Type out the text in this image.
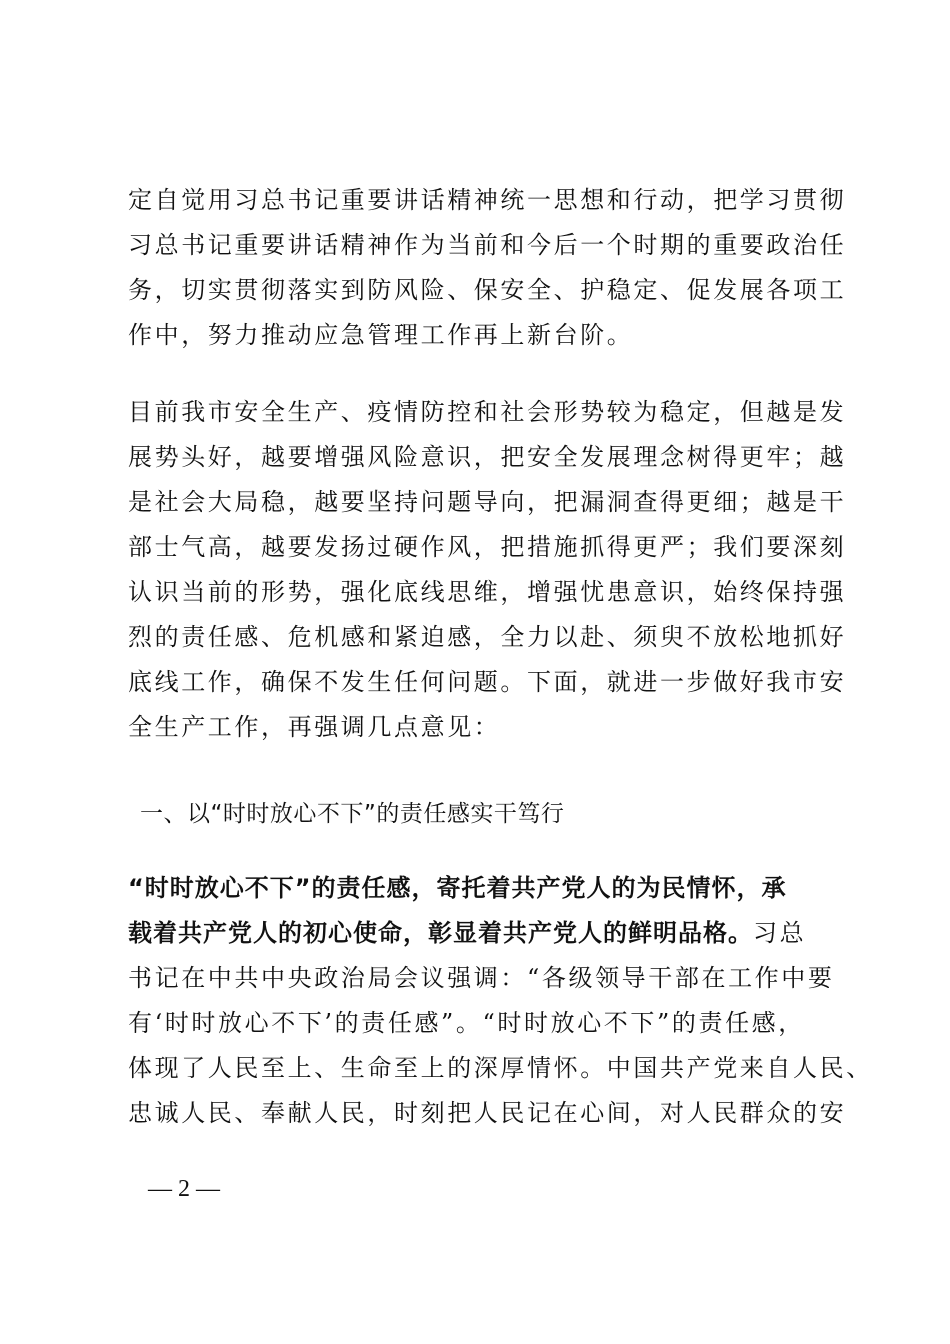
定自觉用习总书记重要讲话精神统一思想和行动，把学习贯彻
习总书记重要讲话精神作为当前和今后一个时期的重要政治任
务，切实贯彻落实到防风险、保安全、护稳定、促发展各项工
作中，努力推动应急管理工作再上新台阶。
目前我市安全生产、疫情防控和社会形势较为稳定，但越是发
展势头好，越要增强风险意识，把安全发展理念树得更牢；越
是社会大局稳，越要坚持问题导向，把漏洞查得更细；越是干
部士气高，越要发扬过硬作风，把措施抓得更严；我们要深刻
认识当前的形势，强化底线思维，增强忧患意识，始终保持强
烈的责任感、危机感和紧迫感，全力以赴、须臾不放松地抓好
底线工作，确保不发生任何问题。下面，就进一步做好我市安
全生产工作，再强调几点意见：
一、以“时时放心不下”的责任感实干笃行
“时时放心不下”的责任感，寄托着共产党人的为民情怀，承
载着共产党人的初心使命，彰显着共产党人的鲜明品格。习总
书记在中共中央政治局会议强调：“各级领导干部在工作中要
有‘时时放心不下’的责任感”。“时时放心不下”的责任感，
体现了人民至上、生命至上的深厚情怀。中国共产党来自人民、
忠诚人民、奉献人民，时刻把人民记在心间，对人民群众的安
— 2 —
